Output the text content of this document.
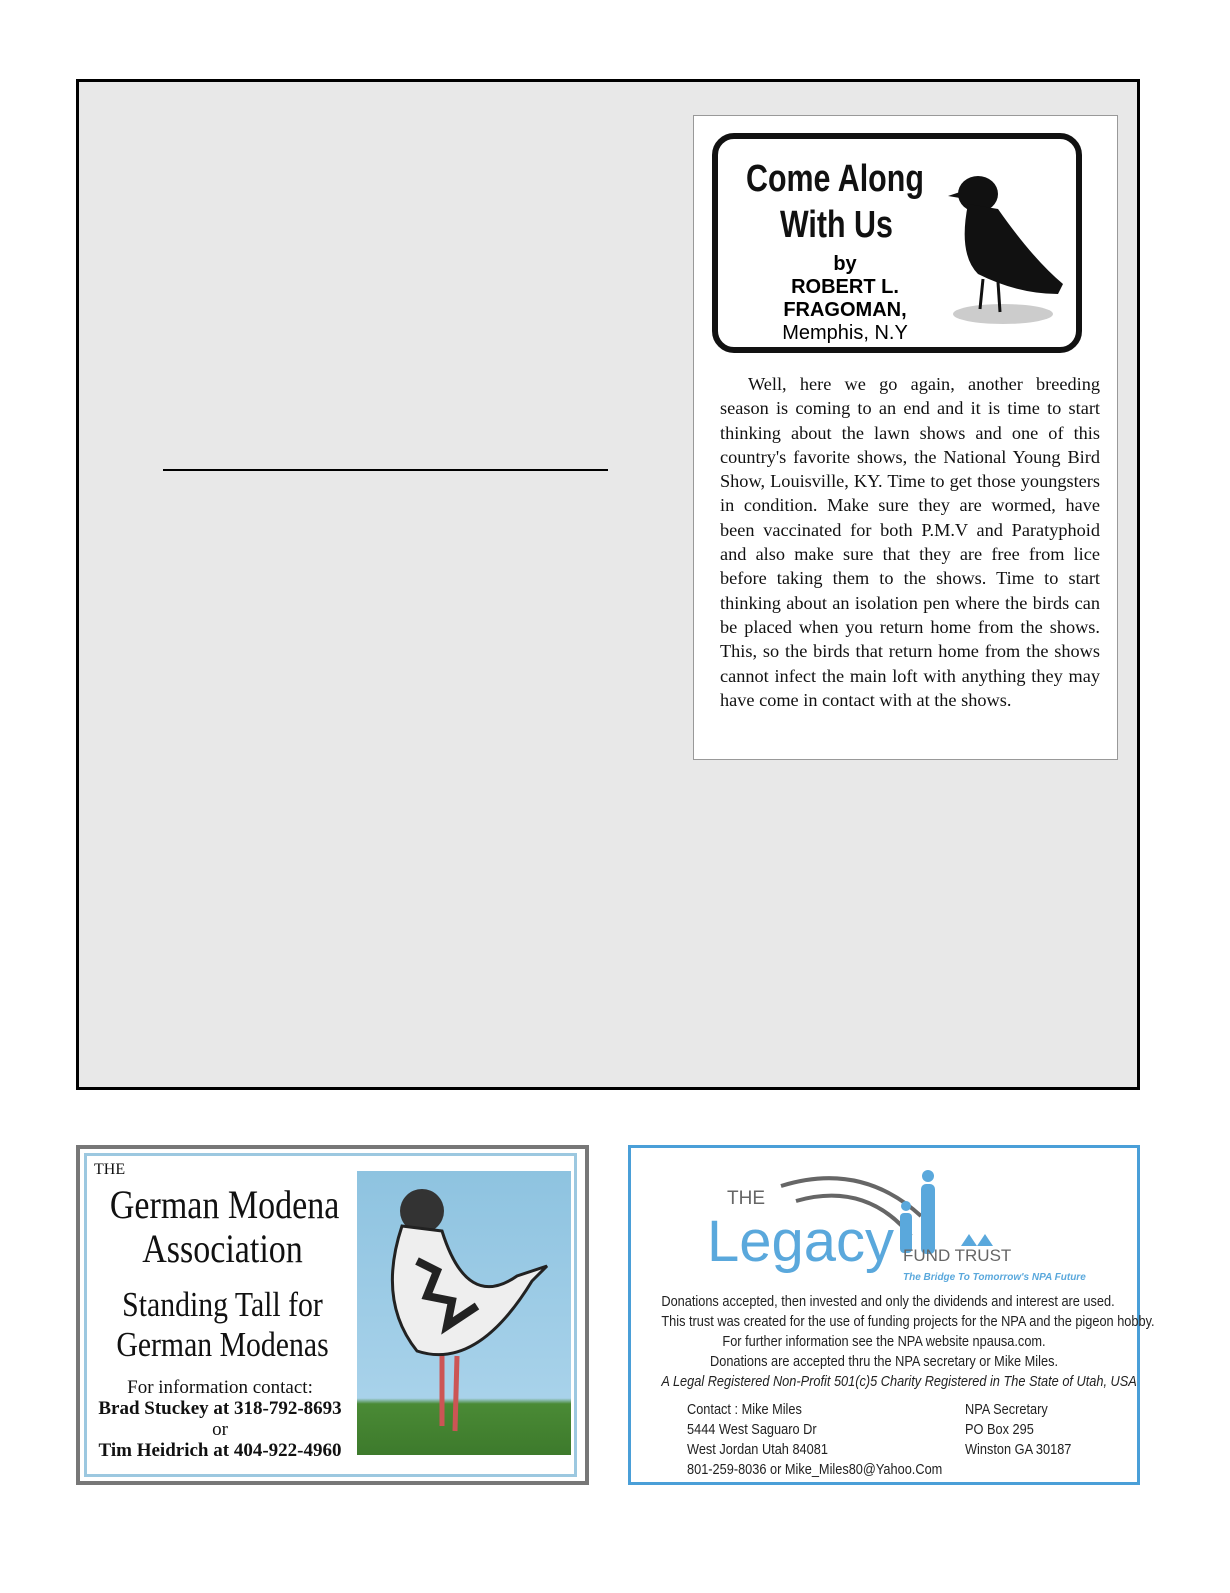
Come Along
With Us
by
ROBERT L.
FRAGOMAN,
Memphis, N.Y

Well, here we go again, another breeding season is coming to an end and it is time to start thinking about the lawn shows and one of this country's favorite shows, the National Young Bird Show, Louisville, KY. Time to get those youngsters in condition. Make sure they are wormed, have been vaccinated for both P.M.V and Paratyphoid and also make sure that they are free from lice before taking them to the shows. Time to start thinking about an isolation pen where the birds can be placed when you return home from the shows. This, so the birds that return home from the shows cannot infect the main loft with anything they may have come in contact with at the shows.

THE
German Modena
Association
Standing Tall for
German Modenas
For information contact:
Brad Stuckey at 318-792-8693
or
Tim Heidrich at 404-922-4960
THE
Legacy FUND TRUST
The Bridge To Tomorrow's NPA Future
Donations accepted, then invested and only the dividends and interest are used.
This trust was created for the use of funding projects for the NPA and the pigeon hobby.
For further information see the NPA website npausa.com.
Donations are accepted thru the NPA secretary or Mike Miles.
A Legal Registered Non-Profit 501(c)5 Charity Registered in The State of Utah, USA
Contact : Mike Miles
5444 West Saguaro Dr
West Jordan Utah 84081
801-259-8036 or Mike_Miles80@Yahoo.Com
NPA Secretary
PO Box 295
Winston GA 30187
